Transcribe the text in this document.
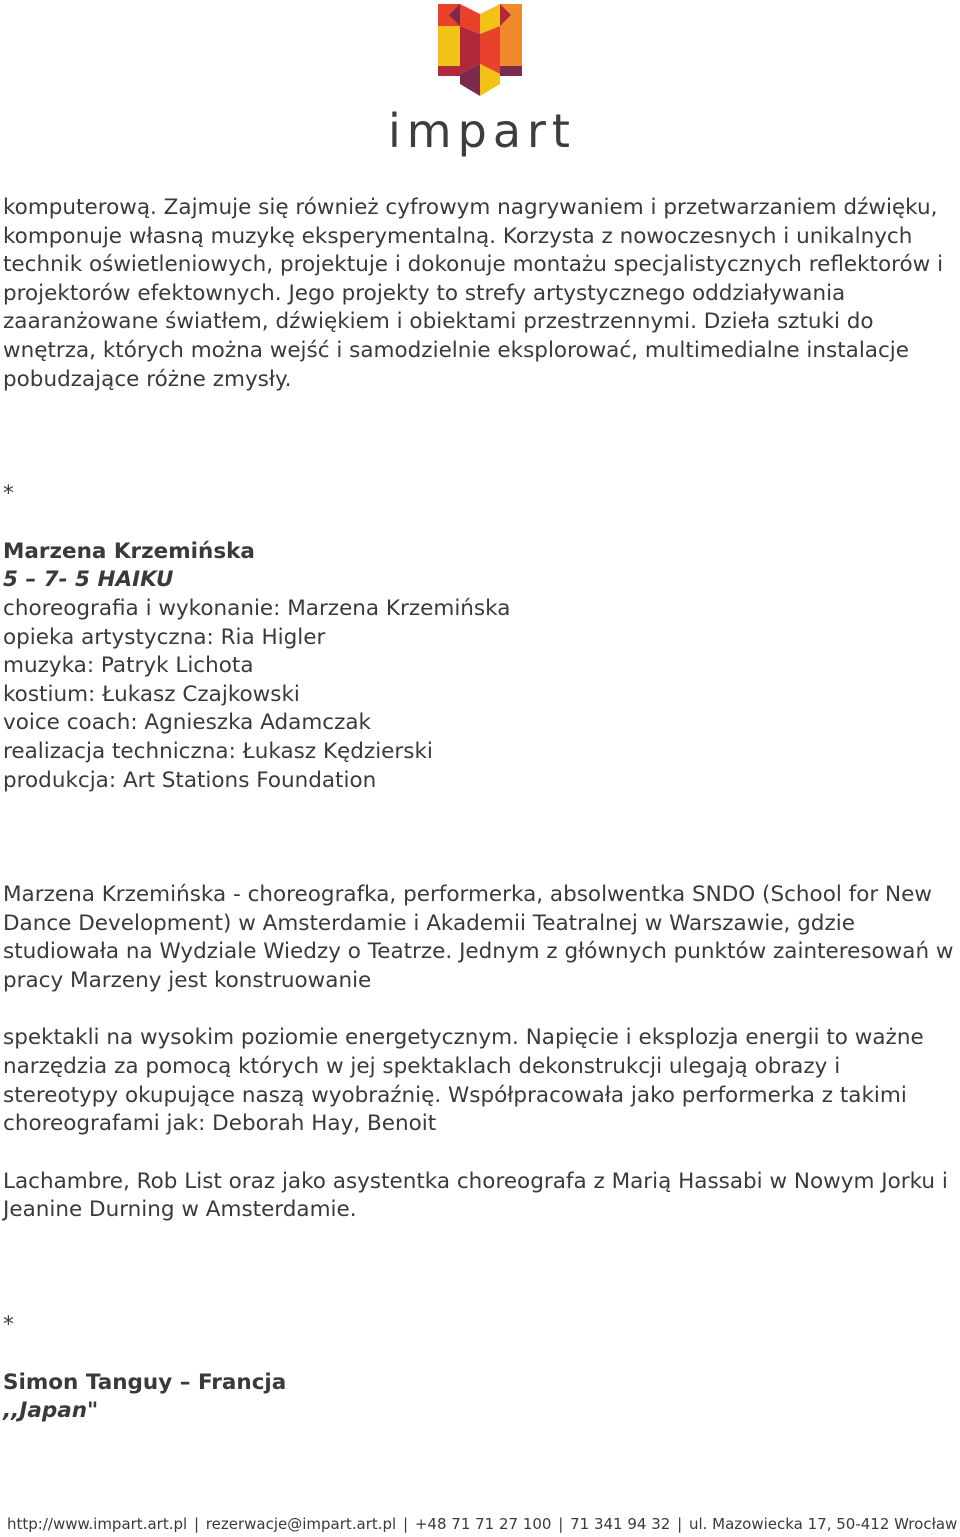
impart

komputerową. Zajmuje się również cyfrowym nagrywaniem i przetwarzaniem dźwięku, komponuje własną muzykę eksperymentalną. Korzysta z nowoczesnych i unikalnych technik oświetleniowych, projektuje i dokonuje montażu specjalistycznych reflektorów i projektorów efektownych. Jego projekty to strefy artystycznego oddziaływania zaaranżowane światłem, dźwiękiem i obiektami przestrzennymi. Dzieła sztuki do wnętrza, których można wejść i samodzielnie eksplorować, multimedialne instalacje pobudzające różne zmysły.

*

Marzena Krzemińska

5 – 7- 5 HAIKU

choreografia i wykonanie: Marzena Krzemińska

opieka artystyczna: Ria Higler

muzyka: Patryk Lichota

kostium: Łukasz Czajkowski

voice coach: Agnieszka Adamczak

realizacja techniczna: Łukasz Kędzierski

produkcja: Art Stations Foundation

Marzena Krzemińska - choreografka, performerka, absolwentka SNDO (School for New Dance Development) w Amsterdamie i Akademii Teatralnej w Warszawie, gdzie studiowała na Wydziale Wiedzy o Teatrze. Jednym z głównych punktów zainteresowań w pracy Marzeny jest konstruowanie

spektakli na wysokim poziomie energetycznym. Napięcie i eksplozja energii to ważne narzędzia za pomocą których w jej spektaklach dekonstrukcji ulegają obrazy i stereotypy okupujące naszą wyobraźnię. Współpracowała jako performerka z takimi choreografami jak: Deborah Hay, Benoit

Lachambre, Rob List oraz jako asystentka choreografa z Marią Hassabi w Nowym Jorku i Jeanine Durning w Amsterdamie.

*

Simon Tanguy – Francja

,,Japan"

http://www.impart.art.pl | rezerwacje@impart.art.pl | +48 71 71 27 100 | 71 341 94 32 | ul. Mazowiecka 17, 50-412 Wrocław
